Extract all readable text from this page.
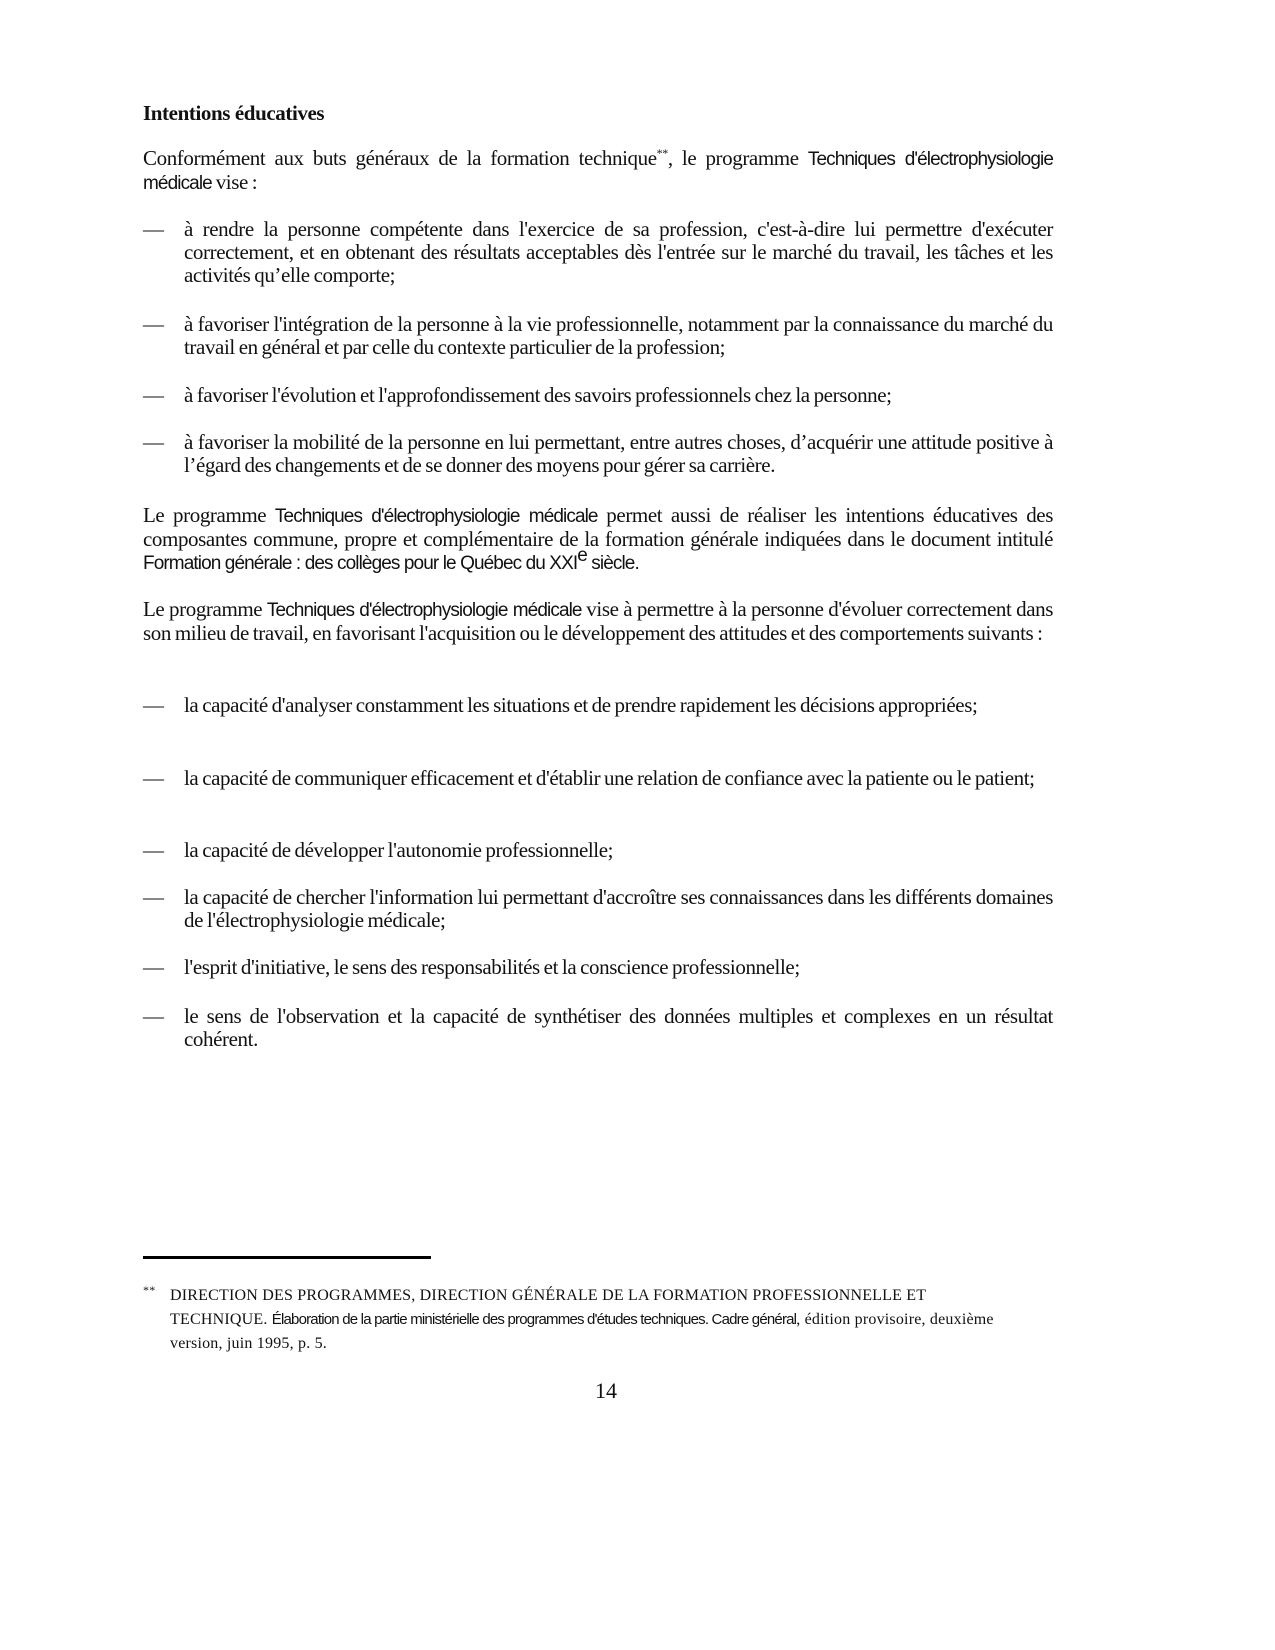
Intentions éducatives
Conformément aux buts généraux de la formation technique**, le programme Techniques d'électrophysiologie médicale vise :
— à rendre la personne compétente dans l'exercice de sa profession, c'est-à-dire lui permettre d'exécuter correctement, et en obtenant des résultats acceptables dès l'entrée sur le marché du travail, les tâches et les activités qu’elle comporte;
— à favoriser l'intégration de la personne à la vie professionnelle, notamment par la connaissance du marché du travail en général et par celle du contexte particulier de la profession;
— à favoriser l'évolution et l'approfondissement des savoirs professionnels chez la personne;
— à favoriser la mobilité de la personne en lui permettant, entre autres choses, d’acquérir une attitude positive à l’égard des changements et de se donner des moyens pour gérer sa carrière.
Le programme Techniques d'électrophysiologie médicale permet aussi de réaliser les intentions éducatives des composantes commune, propre et complémentaire de la formation générale indiquées dans le document intitulé Formation générale : des collèges pour le Québec du XXIe siècle.
Le programme Techniques d'électrophysiologie médicale vise à permettre à la personne d'évoluer correctement dans son milieu de travail, en favorisant l'acquisition ou le développement des attitudes et des comportements suivants :
— la capacité d'analyser constamment les situations et de prendre rapidement les décisions appropriées;
— la capacité de communiquer efficacement et d'établir une relation de confiance avec la patiente ou le patient;
— la capacité de développer l'autonomie professionnelle;
— la capacité de chercher l'information lui permettant d'accroître ses connaissances dans les différents domaines de l'électrophysiologie médicale;
— l'esprit d'initiative, le sens des responsabilités et la conscience professionnelle;
— le sens de l'observation et la capacité de synthétiser des données multiples et complexes en un résultat cohérent.
** DIRECTION DES PROGRAMMES, DIRECTION GÉNÉRALE DE LA FORMATION PROFESSIONNELLE ET TECHNIQUE. Élaboration de la partie ministérielle des programmes d'études techniques. Cadre général, édition provisoire, deuxième version, juin 1995, p. 5.
14
